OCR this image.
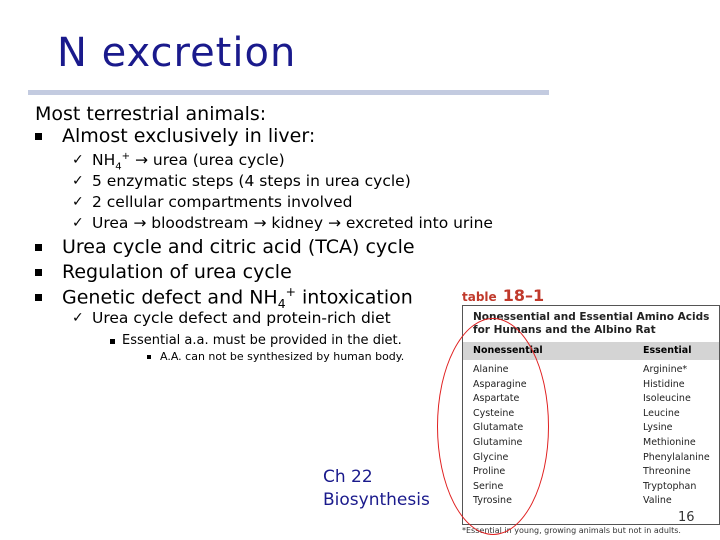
N excretion
Most terrestrial animals:
Almost exclusively in liver:
✓ $NH_4^+$ → urea (urea cycle)
✓ 5 enzymatic steps (4 steps in urea cycle)
✓ 2 cellular compartments involved
✓ Urea → bloodstream → kidney → excreted into urine
Urea cycle and citric acid (TCA) cycle
Regulation of urea cycle
Genetic defect and $NH_4^+$ intoxication
✓ Urea cycle defect and protein-rich diet
Essential a.a. must be provided in the diet.
A.A. can not be synthesized by human body.
table 18–1
Nonessential and Essential Amino Acids for Humans and the Albino Rat
Nonessential	Essential
Alanine
Asparagine
Aspartate
Cysteine
Glutamate
Glutamine
Glycine
Proline
Serine
Tyrosine
Arginine*
Histidine
Isoleucine
Leucine
Lysine
Methionine
Phenylalanine
Threonine
Tryptophan
Valine
*Essential in young, growing animals but not in adults.
Ch 22
Biosynthesis
16
